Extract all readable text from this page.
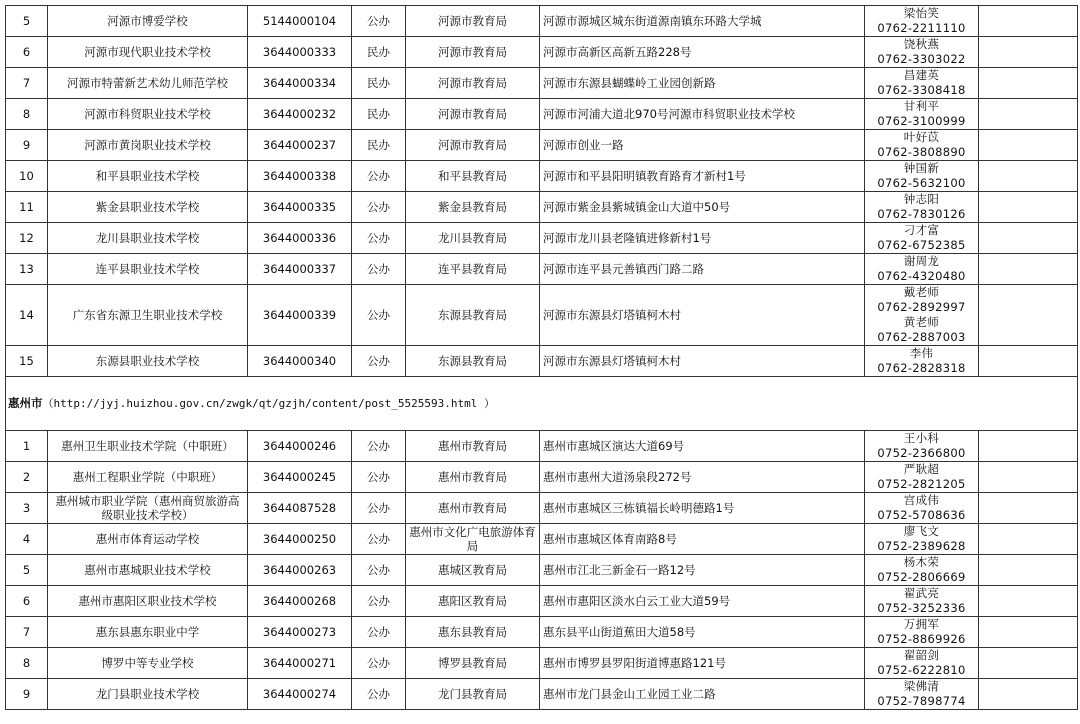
5	河源市博爱学校	5144000104	公办	河源市教育局	河源市源城区城东街道源南镇东环路大学城	梁怡笑
0762-2211110	

6	河源市现代职业技术学校	3644000333	民办	河源市教育局	河源市高新区高新五路228号	饶秋燕
0762-3303022	

7	河源市特蕾新艺术幼儿师范学校	3644000334	民办	河源市教育局	河源市东源县蝴蝶岭工业园创新路	昌建英
0762-3308418	

8	河源市科贸职业技术学校	3644000232	民办	河源市教育局	河源市河浦大道北970号河源市科贸职业技术学校	甘利平
0762-3100999	

9	河源市黄岗职业技术学校	3644000237	民办	河源市教育局	河源市创业一路	叶好苡
0762-3808890	

10	和平县职业技术学校	3644000338	公办	和平县教育局	河源市和平县阳明镇教育路育才新村1号	钟国新
0762-5632100	

11	紫金县职业技术学校	3644000335	公办	紫金县教育局	河源市紫金县紫城镇金山大道中50号	钟志阳
0762-7830126	

12	龙川县职业技术学校	3644000336	公办	龙川县教育局	河源市龙川县老隆镇进修新村1号	刁才富
0762-6752385	

13	连平县职业技术学校	3644000337	公办	连平县教育局	河源市连平县元善镇西门路二路	谢周龙
0762-4320480	

14	广东省东源卫生职业技术学校	3644000339	公办	东源县教育局	河源市东源县灯塔镇柯木村	戴老师
0762-2892997
黄老师
0762-2887003	

15	东源县职业技术学校	3644000340	公办	东源县教育局	河源市东源县灯塔镇柯木村	李伟
0762-2828318	

惠州市（http://jyj.huizhou.gov.cn/zwgk/qt/gzjh/content/post_5525593.html ）							
1	惠州卫生职业技术学院（中职班）	3644000246	公办	惠州市教育局	惠州市惠城区演达大道69号	王小科
0752-2366800	

2	惠州工程职业学院（中职班）	3644000245	公办	惠州市教育局	惠州市惠州大道汤泉段272号	严耿超
0752-2821205	

3	惠州城市职业学院（惠州商贸旅游高级职业技术学校）	3644087528	公办	惠州市教育局	惠州市惠城区三栋镇福长岭明德路1号	宫成伟
0752-5708636	

4	惠州市体育运动学校	3644000250	公办	惠州市文化广电旅游体育局	惠州市惠城区体育南路8号	廖飞文
0752-2389628	

5	惠州市惠城职业技术学校	3644000263	公办	惠城区教育局	惠州市江北三新金石一路12号	杨木荣
0752-2806669	

6	惠州市惠阳区职业技术学校	3644000268	公办	惠阳区教育局	惠州市惠阳区淡水白云工业大道59号	翟武亮
0752-3252336	

7	惠东县惠东职业中学	3644000273	公办	惠东县教育局	惠东县平山街道蕉田大道58号	万拥军
0752-8869926	

8	博罗中等专业学校	3644000271	公办	博罗县教育局	惠州市博罗县罗阳街道博惠路121号	翟韶剑
0752-6222810	

9	龙门县职业技术学校	3644000274	公办	龙门县教育局	惠州市龙门县金山工业园工业二路	梁佛清
0752-7898774	
